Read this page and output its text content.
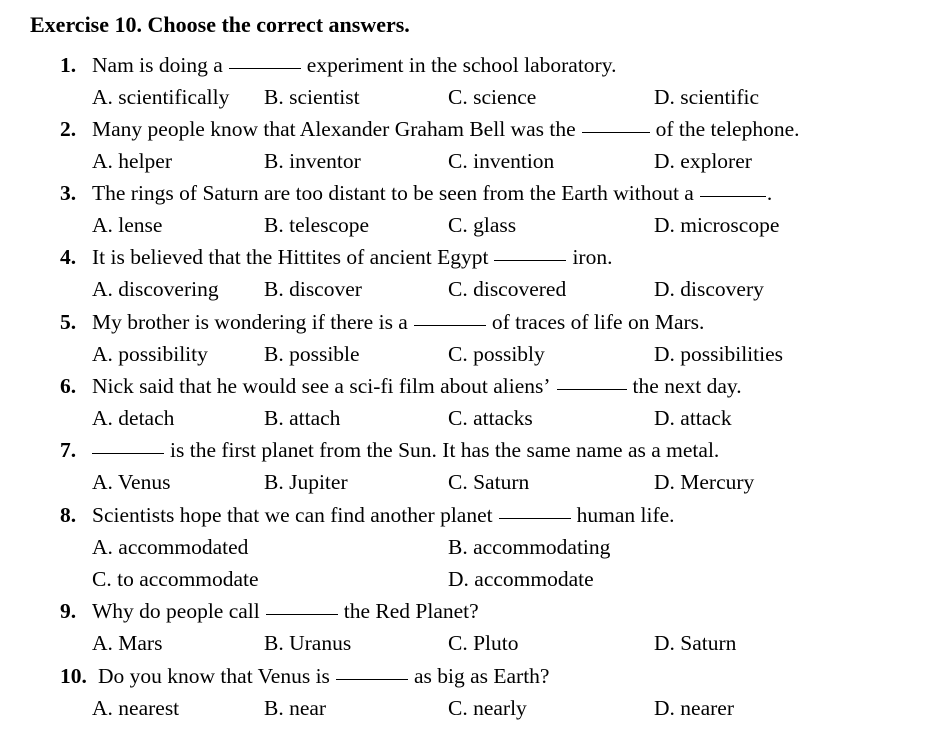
Exercise 10. Choose the correct answers.
1. Nam is doing a	experiment in the school laboratory.
A. scientifically B. scientist	C. science	D. scientific
2. Many people know that Alexander Graham Bell was the	of the telephone.
A. helper	B. inventor	C. invention	D. explorer
3. The rings of Saturn are too distant to be seen from the Earth without a	.
A. lense	B. telescope	C. glass	D. microscope
4. It is believed that the Hittites of ancient Egypt	iron.
A. discovering B. discover	C. discovered	D. discovery
5. My brother is wondering if there is a	of traces of life on Mars.
A. possibility	B. possible	C. possibly	D. possibilities
6. Nick said that he would see a sci-fi film about aliens’	the next day.
A. detach	B. attach	C. attacks	D. attack
7.	is the first planet from the Sun. It has the same name as a metal.
A. Venus	B. Jupiter	C. Saturn	D. Mercury
8. Scientists hope that we can find another planet	human life.
A. accommodated	B. accommodating
C. to accommodate	D. accommodate
9. Why do people call	the Red Planet?
A. Mars	B. Uranus	C. Pluto	D. Saturn
10. Do you know that Venus is	as big as Earth?
A. nearest	B. near	C. nearly	D. nearer
